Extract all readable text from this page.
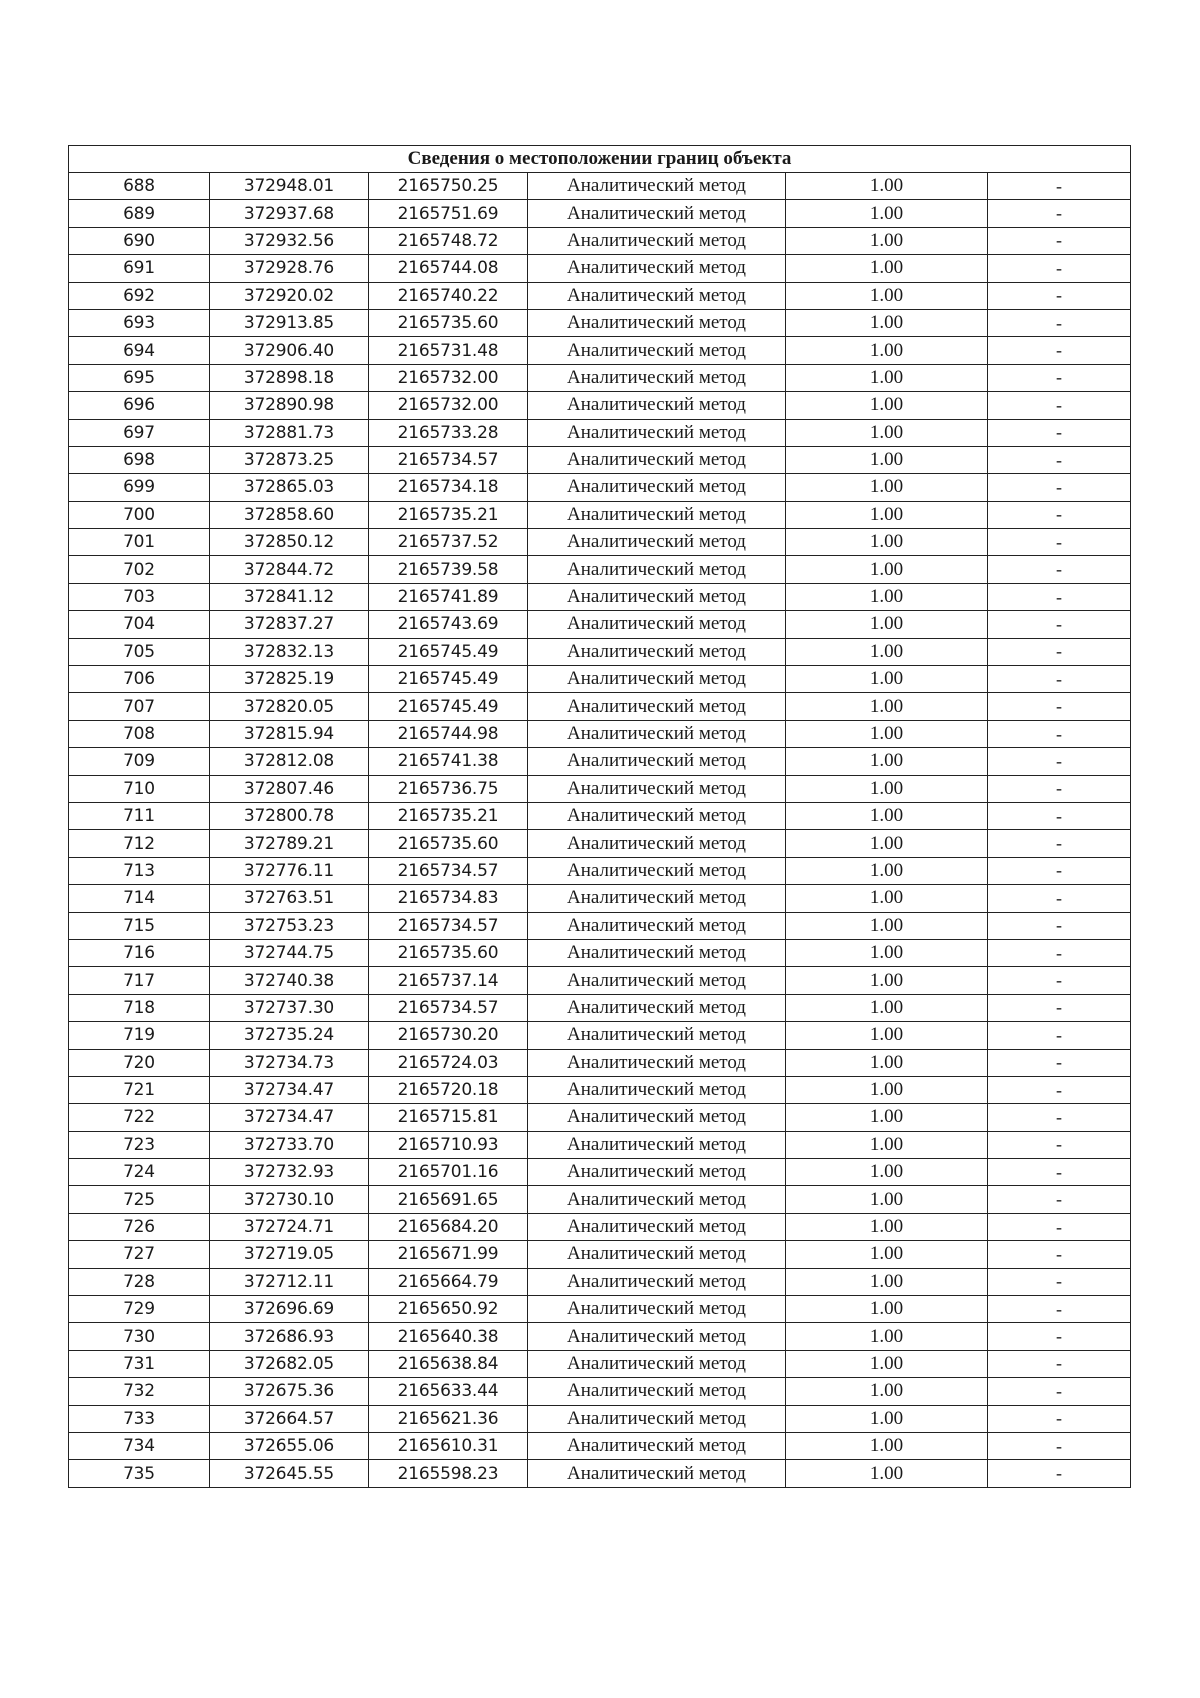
Сведения о местоположении границ объекта					
688	372948.01	2165750.25	Аналитический метод	1.00	-
689	372937.68	2165751.69	Аналитический метод	1.00	-
690	372932.56	2165748.72	Аналитический метод	1.00	-
691	372928.76	2165744.08	Аналитический метод	1.00	-
692	372920.02	2165740.22	Аналитический метод	1.00	-
693	372913.85	2165735.60	Аналитический метод	1.00	-
694	372906.40	2165731.48	Аналитический метод	1.00	-
695	372898.18	2165732.00	Аналитический метод	1.00	-
696	372890.98	2165732.00	Аналитический метод	1.00	-
697	372881.73	2165733.28	Аналитический метод	1.00	-
698	372873.25	2165734.57	Аналитический метод	1.00	-
699	372865.03	2165734.18	Аналитический метод	1.00	-
700	372858.60	2165735.21	Аналитический метод	1.00	-
701	372850.12	2165737.52	Аналитический метод	1.00	-
702	372844.72	2165739.58	Аналитический метод	1.00	-
703	372841.12	2165741.89	Аналитический метод	1.00	-
704	372837.27	2165743.69	Аналитический метод	1.00	-
705	372832.13	2165745.49	Аналитический метод	1.00	-
706	372825.19	2165745.49	Аналитический метод	1.00	-
707	372820.05	2165745.49	Аналитический метод	1.00	-
708	372815.94	2165744.98	Аналитический метод	1.00	-
709	372812.08	2165741.38	Аналитический метод	1.00	-
710	372807.46	2165736.75	Аналитический метод	1.00	-
711	372800.78	2165735.21	Аналитический метод	1.00	-
712	372789.21	2165735.60	Аналитический метод	1.00	-
713	372776.11	2165734.57	Аналитический метод	1.00	-
714	372763.51	2165734.83	Аналитический метод	1.00	-
715	372753.23	2165734.57	Аналитический метод	1.00	-
716	372744.75	2165735.60	Аналитический метод	1.00	-
717	372740.38	2165737.14	Аналитический метод	1.00	-
718	372737.30	2165734.57	Аналитический метод	1.00	-
719	372735.24	2165730.20	Аналитический метод	1.00	-
720	372734.73	2165724.03	Аналитический метод	1.00	-
721	372734.47	2165720.18	Аналитический метод	1.00	-
722	372734.47	2165715.81	Аналитический метод	1.00	-
723	372733.70	2165710.93	Аналитический метод	1.00	-
724	372732.93	2165701.16	Аналитический метод	1.00	-
725	372730.10	2165691.65	Аналитический метод	1.00	-
726	372724.71	2165684.20	Аналитический метод	1.00	-
727	372719.05	2165671.99	Аналитический метод	1.00	-
728	372712.11	2165664.79	Аналитический метод	1.00	-
729	372696.69	2165650.92	Аналитический метод	1.00	-
730	372686.93	2165640.38	Аналитический метод	1.00	-
731	372682.05	2165638.84	Аналитический метод	1.00	-
732	372675.36	2165633.44	Аналитический метод	1.00	-
733	372664.57	2165621.36	Аналитический метод	1.00	-
734	372655.06	2165610.31	Аналитический метод	1.00	-
735	372645.55	2165598.23	Аналитический метод	1.00	-
